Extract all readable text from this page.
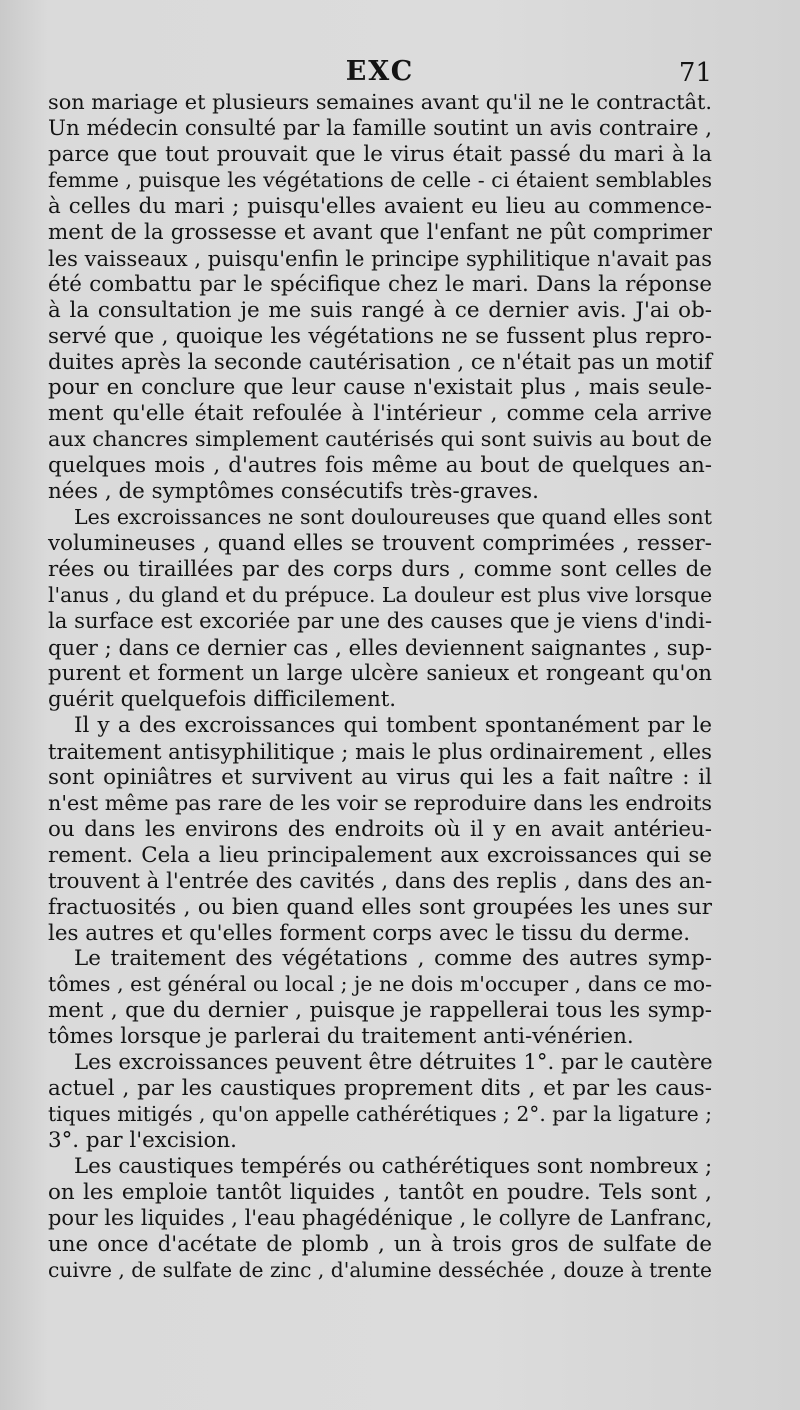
EXC	71
son mariage et plusieurs semaines avant qu'il ne le contractât.
Un médecin consulté par la famille soutint un avis contraire ,
parce que tout prouvait que le virus était passé du mari à la
femme , puisque les végétations de celle - ci étaient semblables
à celles du mari ; puisqu'elles avaient eu lieu au commence-
ment de la grossesse et avant que l'enfant ne pût comprimer
les vaisseaux , puisqu'enfin le principe syphilitique n'avait pas
été combattu par le spécifique chez le mari. Dans la réponse
à la consultation je me suis rangé à ce dernier avis. J'ai ob-
servé que , quoique les végétations ne se fussent plus repro-
duites après la seconde cautérisation , ce n'était pas un motif
pour en conclure que leur cause n'existait plus , mais seule-
ment qu'elle était refoulée à l'intérieur , comme cela arrive
aux chancres simplement cautérisés qui sont suivis au bout de
quelques mois , d'autres fois même au bout de quelques an-
nées , de symptômes consécutifs très-graves.
Les excroissances ne sont douloureuses que quand elles sont
volumineuses , quand elles se trouvent comprimées , resser-
rées ou tiraillées par des corps durs , comme sont celles de
l'anus , du gland et du prépuce. La douleur est plus vive lorsque
la surface est excoriée par une des causes que je viens d'indi-
quer ; dans ce dernier cas , elles deviennent saignantes , sup-
purent et forment un large ulcère sanieux et rongeant qu'on
guérit quelquefois difficilement.
Il y a des excroissances qui tombent spontanément par le
traitement antisyphilitique ; mais le plus ordinairement , elles
sont opiniâtres et survivent au virus qui les a fait naître : il
n'est même pas rare de les voir se reproduire dans les endroits
ou dans les environs des endroits où il y en avait antérieu-
rement. Cela a lieu principalement aux excroissances qui se
trouvent à l'entrée des cavités , dans des replis , dans des an-
fractuosités , ou bien quand elles sont groupées les unes sur
les autres et qu'elles forment corps avec le tissu du derme.
Le traitement des végétations , comme des autres symp-
tômes , est général ou local ; je ne dois m'occuper , dans ce mo-
ment , que du dernier , puisque je rappellerai tous les symp-
tômes lorsque je parlerai du traitement anti-vénérien.
Les excroissances peuvent être détruites 1°. par le cautère
actuel , par les caustiques proprement dits , et par les caus-
tiques mitigés , qu'on appelle cathérétiques ; 2°. par la ligature ;
3°. par l'excision.
Les caustiques tempérés ou cathérétiques sont nombreux ;
on les emploie tantôt liquides , tantôt en poudre. Tels sont ,
pour les liquides , l'eau phagédénique , le collyre de Lanfranc,
une once d'acétate de plomb , un à trois gros de sulfate de
cuivre , de sulfate de zinc , d'alumine desséchée , douze à trente
